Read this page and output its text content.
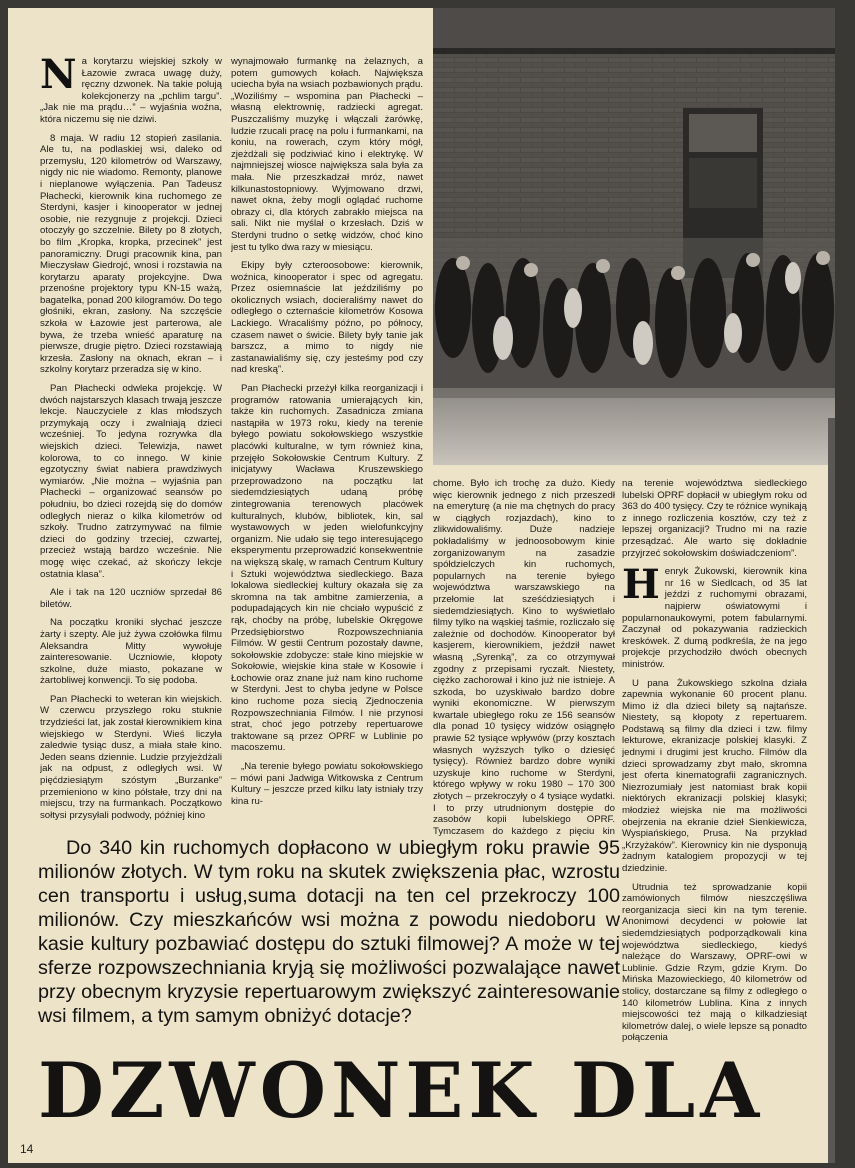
Na korytarzu wiejskiej szkoły w Łazowie zwraca uwagę duży, ręczny dzwonek. Na takie polują kolekcjonerzy na „pchlim targu”. „Jak nie ma prądu…” – wyjaśnia woźna, która niczemu się nie dziwi.

8 maja. W radiu 12 stopień zasilania. Ale tu, na podlaskiej wsi, daleko od przemysłu, 120 kilometrów od Warszawy, nigdy nic nie wiadomo. Remonty, planowe i nieplanowe wyłączenia. Pan Tadeusz Płachecki, kierownik kina ruchomego ze Sterdyni, kasjer i kinooperator w jednej osobie, nie rezygnuje z projekcji. Dzieci otoczyły go szczelnie. Bilety po 8 złotych, bo film „Kropka, kropka, przecinek” jest panoramiczny. Drugi pracownik kina, pan Mieczysław Giedrojć, wnosi i rozstawia na korytarzu aparaty projekcyjne. Dwa przenośne projektory typu KN-15 ważą, bagatelka, ponad 200 kilogramów. Do tego głośniki, ekran, zasłony. Na szczęście szkoła w Łazowie jest parterowa, ale bywa, że trzeba wnieść aparaturę na pierwsze, drugie piętro. Dzieci rozstawiają krzesła. Zasłony na oknach, ekran – i szkolny korytarz przeradza się w kino.

Pan Płachecki odwleka projekcję. W dwóch najstarszych klasach trwają jeszcze lekcje. Nauczyciele z klas młodszych przymykają oczy i zwalniają dzieci wcześniej. To jedyna rozrywka dla wiejskich dzieci. Telewizja, nawet kolorowa, to co innego. W kinie egzotyczny świat nabiera prawdziwych wymiarów. „Nie można – wyjaśnia pan Płachecki – organizować seansów po południu, bo dzieci rozejdą się do domów odległych nieraz o kilka kilometrów od szkoły. Trudno zatrzymywać na filmie dzieci do godziny trzeciej, czwartej, przecież wstają bardzo wcześnie. Nie mogę więc czekać, aż skończy lekcje ostatnia klasa”.

Ale i tak na 120 uczniów sprzedał 86 biletów.

Na początku kroniki słychać jeszcze żarty i szepty. Ale już żywa czołówka filmu Aleksandra Mitty wywołuje zainteresowanie. Uczniowie, kłopoty szkolne, duże miasto, pokazane w żartobliwej konwencji. To się podoba.

Pan Płachecki to weteran kin wiejskich. W czerwcu przyszłego roku stuknie trzydzieści lat, jak został kierownikiem kina wiejskiego w Sterdyni. Wieś liczyła zaledwie tysiąc dusz, a miała stałe kino. Jeden seans dziennie. Ludzie przyjeżdżali jak na odpust, z odległych wsi. W pięćdziesiątym szóstym „Burzanke” przemieniono w kino półstałe, trzy dni na miejscu, trzy na furmankach. Początkowo sołtysi przysyłali podwody, później kino

wynajmowało furmankę na żelaznych, a potem gumowych kołach. Największa uciecha była na wsiach pozbawionych prądu. „Woziliśmy – wspomina pan Płachecki – własną elektrownię, radziecki agregat. Puszczaliśmy muzykę i włączali żarówkę, ludzie rzucali pracę na polu i furmankami, na koniu, na rowerach, czym który mógł, zjeżdżali się podziwiać kino i elektrykę. W najmniejszej wiosce największa sala była za mała. Nie przeszkadzał mróz, nawet kilkunastostopniowy. Wyjmowano drzwi, nawet okna, żeby mogli oglądać ruchome obrazy ci, dla których zabrakło miejsca na sali. Nikt nie myślał o krzesłach. Dziś w Sterdyni trudno o setkę widzów, choć kino jest tu tylko dwa razy w miesiącu.

Ekipy były czteroosobowe: kierownik, woźnica, kinooperator i spec od agregatu. Przez osiemnaście lat jeździliśmy po okolicznych wsiach, docieraliśmy nawet do odległego o czternaście kilometrów Kosowa Lackiego. Wracaliśmy późno, po północy, czasem nawet o świcie. Bilety były tanie jak barszcz, a mimo to nigdy nie zastanawialiśmy się, czy jesteśmy pod czy nad kreską”.

Pan Płachecki przeżył kilka reorganizacji i programów ratowania umierających kin, także kin ruchomych. Zasadnicza zmiana nastąpiła w 1973 roku, kiedy na terenie byłego powiatu sokołowskiego wszystkie placówki kulturalne, w tym również kina, przejęło Sokołowskie Centrum Kultury. Z inicjatywy Wacława Kruszewskiego przeprowadzono na początku lat siedemdziesiątych udaną próbę zintegrowania terenowych placówek kulturalnych, klubów, bibliotek, kin, sal wystawowych w jeden wielofunkcyjny organizm. Nie udało się tego interesującego eksperymentu przeprowadzić konsekwentnie na większą skalę, w ramach Centrum Kultury i Sztuki województwa siedleckiego. Baza lokalowa siedleckiej kultury okazała się za skromna na tak ambitne zamierzenia, a podupadających kin nie chciało wypuścić z rąk, choćby na próbę, lubelskie Okręgowe Przedsiębiorstwo Rozpowszechniania Filmów. W gestii Centrum pozostały dawne, sokołowskie zdobycze: stałe kino miejskie w Sokołowie, wiejskie kina stałe w Kosowie i Łochowie oraz znane już nam kino ruchome w Sterdyni. Jest to chyba jedyne w Polsce kino ruchome poza siecią Zjednoczenia Rozpowszechniania Filmów. I nie przynosi strat, choć jego potrzeby repertuarowe traktowane są przez OPRF w Lublinie po macoszemu.

„Na terenie byłego powiatu sokołowskiego – mówi pani Jadwiga Witkowska z Centrum Kultury – jeszcze przed kilku laty istniały trzy kina ru-

chome. Było ich trochę za dużo. Kiedy więc kierownik jednego z nich przeszedł na emeryturę (a nie ma chętnych do pracy w ciągłych rozjazdach), kino to zlikwidowaliśmy. Duże nadzieje pokładaliśmy w jednoosobowym kinie zorganizowanym na zasadzie spółdzielczych kin ruchomych, popularnych na terenie byłego województwa warszawskiego na przełomie lat sześćdziesiątych i siedemdziesiątych. Kino to wyświetlało filmy tylko na wąskiej taśmie, rozliczało się zależnie od dochodów. Kinooperator był kasjerem, kierownikiem, jeździł nawet własną „Syrenką”, za co otrzymywał zgodny z przepisami ryczałt. Niestety, ciężko zachorował i kino już nie istnieje. A szkoda, bo uzyskiwało bardzo dobre wyniki ekonomiczne. W pierwszym kwartale ubiegłego roku ze 156 seansów dla ponad 10 tysięcy widzów osiągnęło prawie 52 tysiące wpływów (przy kosztach własnych wyższych tylko o dziesięć tysięcy). Również bardzo dobre wyniki uzyskuje kino ruchome w Sterdyni, którego wpływy w roku 1980 – 170 300 złotych – przekroczyły o 4 tysiące wydatki. I to przy utrudnionym dostępie do zasobów kopii lubelskiego OPRF. Tymczasem do każdego z pięciu kin

na terenie województwa siedleckiego lubelski OPRF dopłacił w ubiegłym roku od 363 do 400 tysięcy. Czy te różnice wynikają z innego rozliczenia kosztów, czy też z lepszej organizacji? Trudno mi na razie przesądzać. Ale warto się dokładnie przyjrzeć sokołowskim doświadczeniom”.

Henryk Żukowski, kierownik kina nr 16 w Siedlcach, od 35 lat jeździ z ruchomymi obrazami, najpierw oświatowymi i popularnonaukowymi, potem fabularnymi. Zaczynał od pokazywania radzieckich kreskówek. Z dumą podkreśla, że na jego projekcje przychodziło dwóch obecnych ministrów.

U pana Żukowskiego szkolna działa zapewnia wykonanie 60 procent planu. Mimo iż dla dzieci bilety są najtańsze. Niestety, są kłopoty z repertuarem. Podstawą są filmy dla dzieci i tzw. filmy lekturowe, ekranizacje polskiej klasyki. Z jednymi i drugimi jest krucho. Filmów dla dzieci sprowadzamy zbyt mało, skromna jest oferta kinematografii zagranicznych. Niezrozumiały jest natomiast brak kopii niektórych ekranizacji polskiej klasyki; młodzież wiejska nie ma możliwości obejrzenia na ekranie dzieł Sienkiewicza, Wyspiańskiego, Prusa. Na przykład „Krzyżaków”. Kierownicy kin nie dysponują żadnym katalogiem propozycji w tej dziedzinie.

Utrudnia też sprowadzanie kopii zamówionych filmów nieszczęśliwa reorganizacja sieci kin na tym terenie. Anonimowi decydenci w połowie lat siedemdziesiątych podporządkowali kina województwa siedleckiego, kiedyś należące do Warszawy, OPRF-owi w Lublinie. Gdzie Rzym, gdzie Krym. Do Mińska Mazowieckiego, 40 kilometrów od stolicy, dostarczane są filmy z odległego o 140 kilometrów Lublina. Kina z innych miejscowości też mają o kilkadziesiąt kilometrów dalej, o wiele lepsze są ponadto połączenia

Do 340 kin ruchomych dopłacono w ubiegłym roku prawie 95 milionów złotych. W tym roku na skutek zwiększenia płac, wzrostu cen transportu i usług,suma dotacji na ten cel przekroczy 100 milionów. Czy mieszkańców wsi można z powodu niedoboru w kasie kultury pozbawiać dostępu do sztuki filmowej? A może w tej sferze rozpowszechniania kryją się możliwości pozwalające nawet przy obecnym kryzysie repertuarowym zwiększyć zainteresowanie wsi filmem, a tym samym obniżyć dotacje?
DZWONEK DLA
14
